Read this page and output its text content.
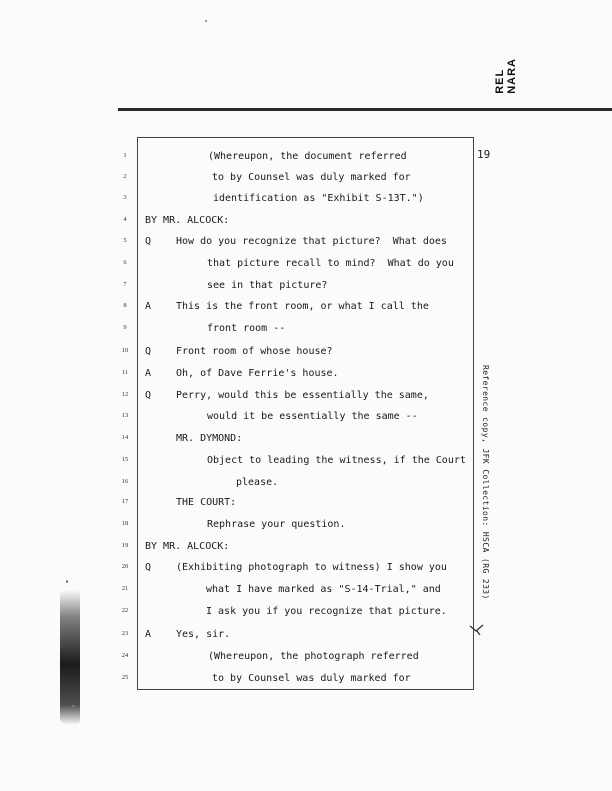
REL NARA
19
1	(Whereupon, the document referred
2	to by Counsel was duly marked for
3	identification as "Exhibit S-13T.")
4	BY MR. ALCOCK:
5	Q How do you recognize that picture?  What does
6	that picture recall to mind?  What do you
7	see in that picture?
8	A This is the front room, or what I call the
9	front room --
10	Q Front room of whose house?
11	A Oh, of Dave Ferrie's house.
12	Q Perry, would this be essentially the same,
13	would it be essentially the same --
14	MR. DYMOND:
15	Object to leading the witness, if the Court
16	please.
17	THE COURT:
18	Rephrase your question.
19	BY MR. ALCOCK:
20	Q (Exhibiting photograph to witness) I show you
21	what I have marked as "S-14-Trial," and
22	I ask you if you recognize that picture.
23	A Yes, sir.
24	(Whereupon, the photograph referred
25	to by Counsel was duly marked for
Reference copy, JFK Collection: HSCA (RG 233)
